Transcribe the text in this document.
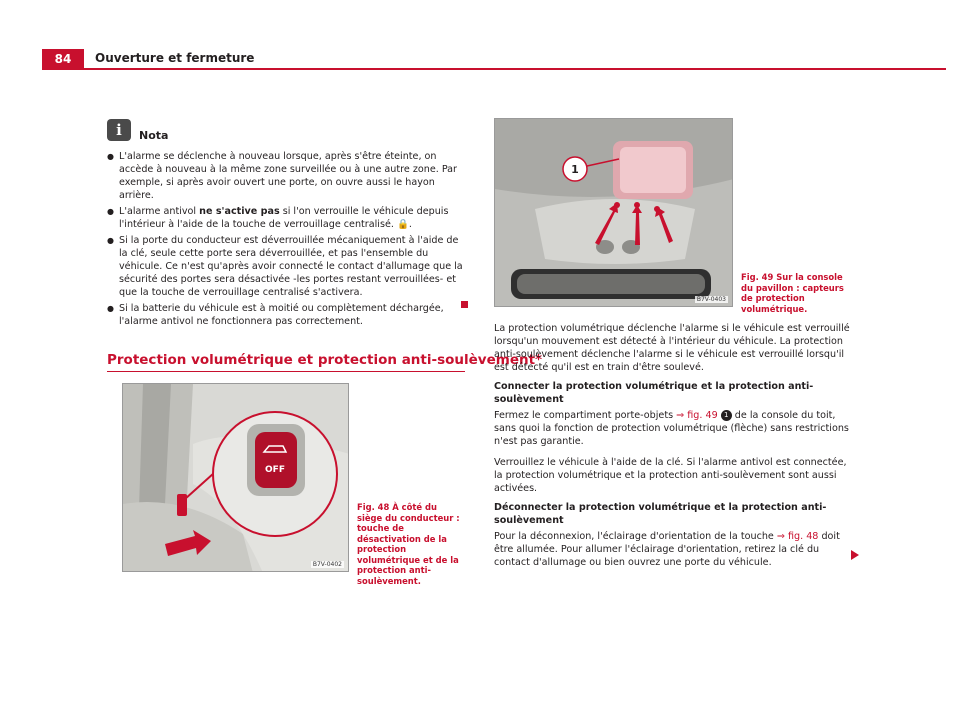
84	Ouverture et fermeture
i	Nota
● L'alarme se déclenche à nouveau lorsque, après s'être éteinte, on accède à nouveau à la même zone surveillée ou à une autre zone. Par exemple, si après avoir ouvert une porte, on ouvre aussi le hayon arrière.
● L'alarme antivol ne s'active pas si l'on verrouille le véhicule depuis l'intérieur à l'aide de la touche de verrouillage centralisé. 🔒.
● Si la porte du conducteur est déverrouillée mécaniquement à l'aide de la clé, seule cette porte sera déverrouillée, et pas l'ensemble du véhicule. Ce n'est qu'après avoir connecté le contact d'allumage que la sécurité des portes sera désactivée -les portes restant verrouillées- et que la touche de verrouillage centralisé s'activera.
● Si la batterie du véhicule est à moitié ou complètement déchargée, l'alarme antivol ne fonctionnera pas correctement.
Protection volumétrique et protection anti-soulèvement*
OFF
B7V-0402
Fig. 48 À côté du siège du conducteur : touche de désactivation de la protection volumétrique et de la protection anti-soulèvement.
1
B7V-0403
Fig. 49 Sur la console du pavillon : capteurs de protection volumétrique.
La protection volumétrique déclenche l'alarme si le véhicule est verrouillé lorsqu'un mouvement est détecté à l'intérieur du véhicule. La protection anti-soulèvement déclenche l'alarme si le véhicule est verrouillé lorsqu'il est détecté qu'il est en train d'être soulevé.
Connecter la protection volumétrique et la protection anti-soulèvement
Fermez le compartiment porte-objets ⇒ fig. 49 1 de la console du toit, sans quoi la fonction de protection volumétrique (flèche) sans restrictions n'est pas garantie.
Verrouillez le véhicule à l'aide de la clé. Si l'alarme antivol est connectée, la protection volumétrique et la protection anti-soulèvement sont aussi activées.
Déconnecter la protection volumétrique et la protection anti-soulèvement
Pour la déconnexion, l'éclairage d'orientation de la touche ⇒ fig. 48 doit être allumée. Pour allumer l'éclairage d'orientation, retirez la clé du contact d'allumage ou bien ouvrez une porte du véhicule.
